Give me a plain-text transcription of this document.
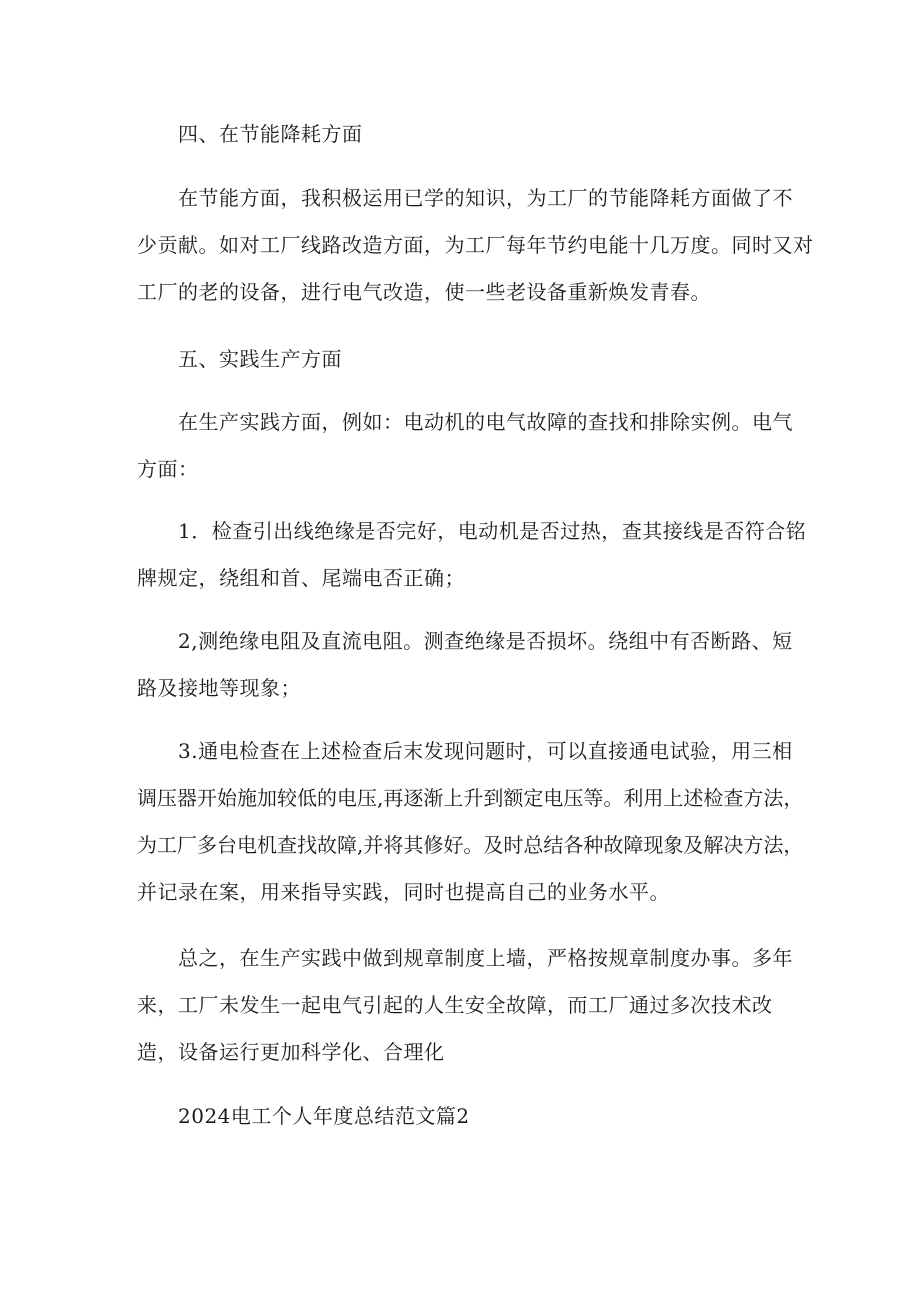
四、在节能降耗方面

在节能方面，我积极运用已学的知识，为工厂的节能降耗方面做了不

少贡献。如对工厂线路改造方面，为工厂每年节约电能十几万度。同时又对

工厂的老的设备，进行电气改造，使一些老设备重新焕发青春。

五、实践生产方面

在生产实践方面，例如：电动机的电气故障的查找和排除实例。电气

方面：

1．检查引出线绝缘是否完好，电动机是否过热，查其接线是否符合铭

牌规定，绕组和首、尾端电否正确；

2,测绝缘电阻及直流电阻。测查绝缘是否损坏。绕组中有否断路、短

路及接地等现象；

3.通电检查在上述检查后末发现问题时，可以直接通电试验，用三相

调压器开始施加较低的电压,再逐渐上升到额定电压等。利用上述检查方法，

为工厂多台电机查找故障,并将其修好。及时总结各种故障现象及解决方法，

并记录在案，用来指导实践，同时也提高自己的业务水平。

总之，在生产实践中做到规章制度上墙，严格按规章制度办事。多年

来，工厂未发生一起电气引起的人生安全故障，而工厂通过多次技术改

造，设备运行更加科学化、合理化

2024电工个人年度总结范文篇2
